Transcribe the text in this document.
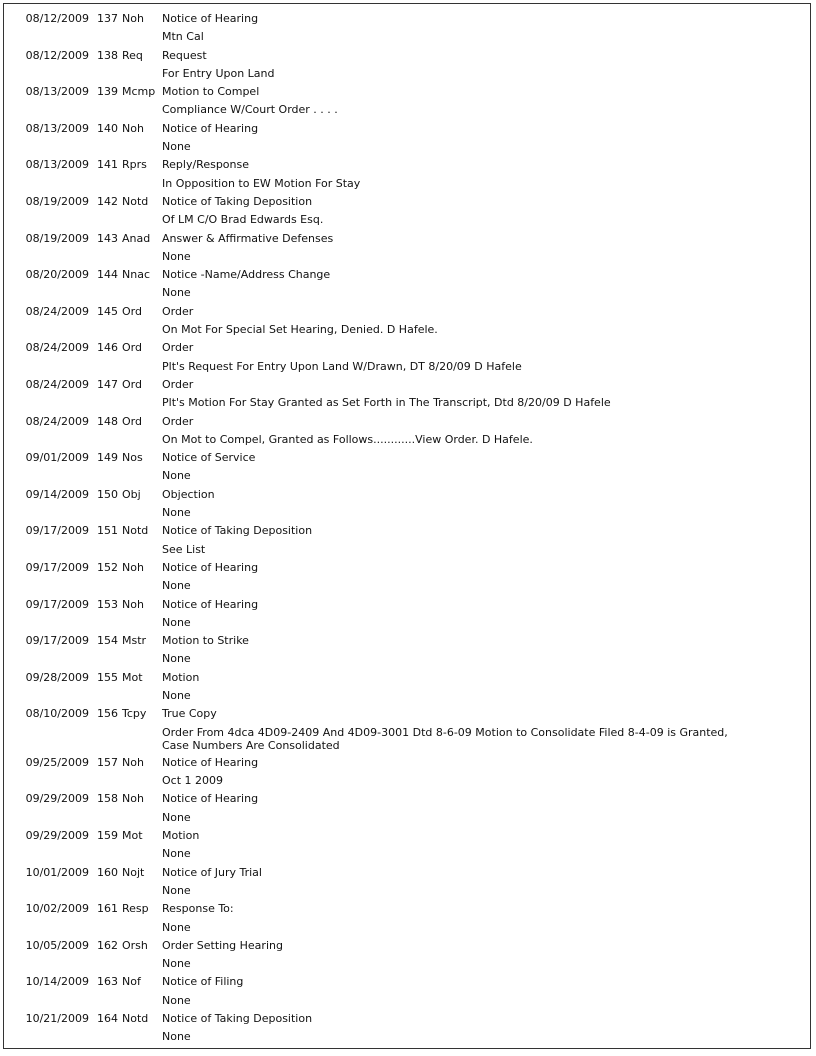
08/12/2009 137 Noh	Notice of Hearing
Mtn Cal
08/12/2009 138 Req	Request
For Entry Upon Land
08/13/2009 139 Mcmp Motion to Compel
Compliance W/Court Order . . . .
08/13/2009 140 Noh	Notice of Hearing
None
08/13/2009 141 Rprs	Reply/Response
In Opposition to EW Motion For Stay
08/19/2009 142 Notd	Notice of Taking Deposition
Of LM C/O Brad Edwards Esq.
08/19/2009 143 Anad	Answer & Affirmative Defenses
None
08/20/2009 144 Nnac	Notice -Name/Address Change
None
08/24/2009 145 Ord	Order
On Mot For Special Set Hearing, Denied. D Hafele.
08/24/2009 146 Ord	Order
Plt's Request For Entry Upon Land W/Drawn, DT 8/20/09 D Hafele
08/24/2009 147 Ord	Order
Plt's Motion For Stay Granted as Set Forth in The Transcript, Dtd 8/20/09 D Hafele
08/24/2009 148 Ord	Order
On Mot to Compel, Granted as Follows............View Order. D Hafele.
09/01/2009 149 Nos	Notice of Service
None
09/14/2009 150 Obj	Objection
None
09/17/2009 151 Notd	Notice of Taking Deposition
See List
09/17/2009 152 Noh	Notice of Hearing
None
09/17/2009 153 Noh	Notice of Hearing
None
09/17/2009 154 Mstr	Motion to Strike
None
09/28/2009 155 Mot	Motion
None
08/10/2009 156 Tcpy	True Copy
Order From 4dca 4D09-2409 And 4D09-3001 Dtd 8-6-09 Motion to Consolidate Filed 8-4-09 is Granted,
Case Numbers Are Consolidated
09/25/2009 157 Noh	Notice of Hearing
Oct 1 2009
09/29/2009 158 Noh	Notice of Hearing
None
09/29/2009 159 Mot	Motion
None
10/01/2009 160 Nojt	Notice of Jury Trial
None
10/02/2009 161 Resp	Response To:
None
10/05/2009 162 Orsh	Order Setting Hearing
None
10/14/2009 163 Nof	Notice of Filing
None
10/21/2009 164 Notd	Notice of Taking Deposition
None
